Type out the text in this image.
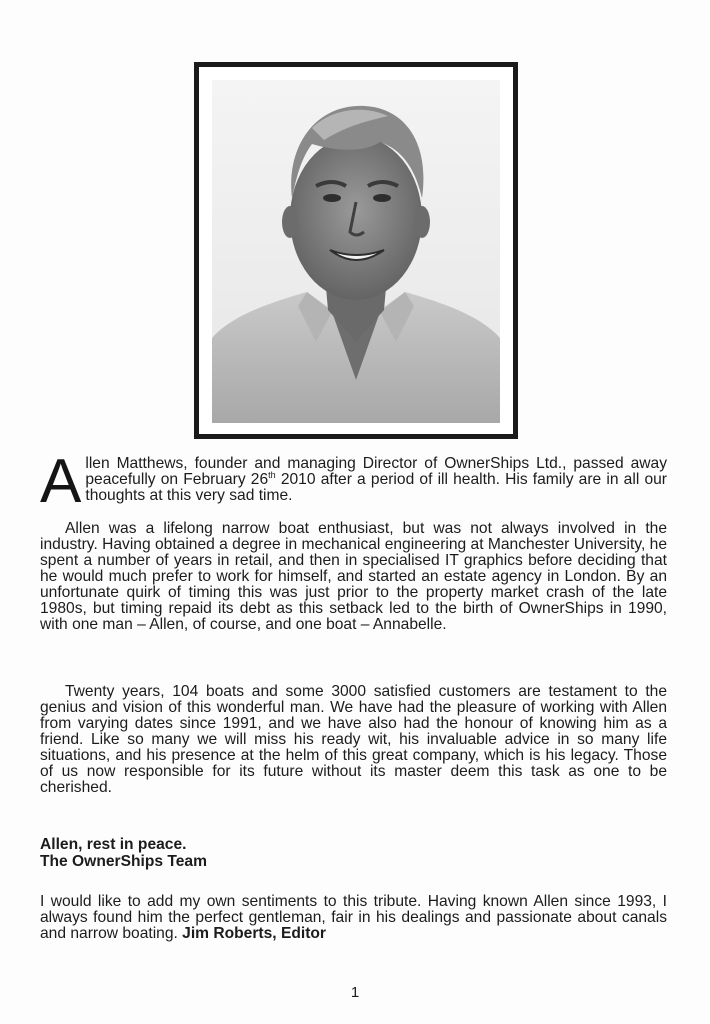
Allen Matthews, founder and managing Director of OwnerShips Ltd., passed away peacefully on February 26th 2010 after a period of ill health. His family are in all our thoughts at this very sad time.
Allen was a lifelong narrow boat enthusiast, but was not always involved in the industry. Having obtained a degree in mechanical engineering at Manchester University, he spent a number of years in retail, and then in specialised IT graphics before deciding that he would much prefer to work for himself, and started an estate agency in London. By an unfortunate quirk of timing this was just prior to the property market crash of the late 1980s, but timing repaid its debt as this setback led to the birth of OwnerShips in 1990, with one man – Allen, of course, and one boat – Annabelle.
Twenty years, 104 boats and some 3000 satisfied customers are testament to the genius and vision of this wonderful man. We have had the pleasure of working with Allen from varying dates since 1991, and we have also had the honour of knowing him as a friend. Like so many we will miss his ready wit, his invaluable advice in so many life situations, and his presence at the helm of this great company, which is his legacy. Those of us now responsible for its future without its master deem this task as one to be cherished.
Allen, rest in peace.
The OwnerShips Team
I would like to add my own sentiments to this tribute. Having known Allen since 1993, I always found him the perfect gentleman, fair in his dealings and passionate about canals and narrow boating. Jim Roberts, Editor
1
